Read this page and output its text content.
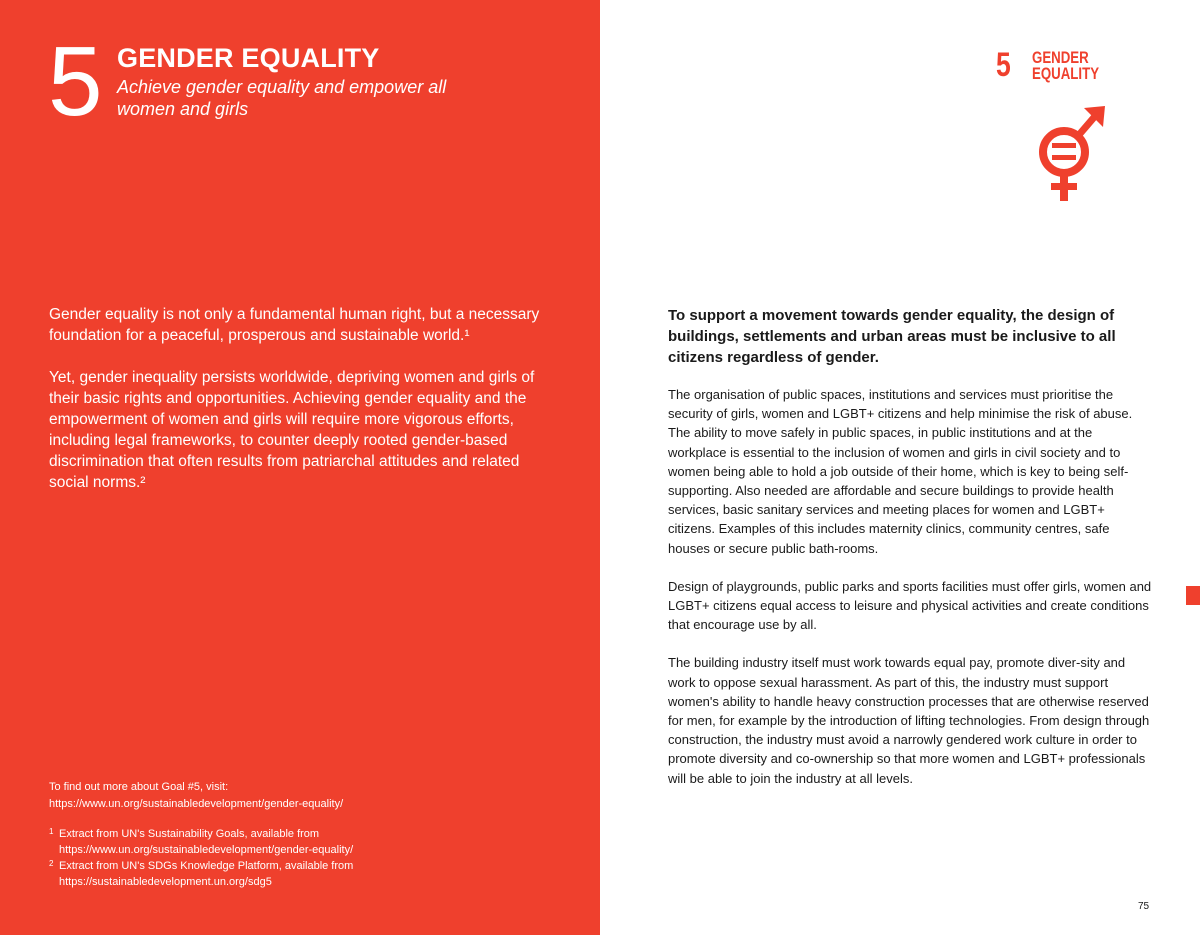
5 GENDER EQUALITY
Achieve gender equality and empower all women and girls

Gender equality is not only a fundamental human right, but a necessary foundation for a peaceful, prosperous and sustainable world.¹

Yet, gender inequality persists worldwide, depriving women and girls of their basic rights and opportunities. Achieving gender equality and the empowerment of women and girls will require more vigorous efforts, including legal frameworks, to counter deeply rooted gender-based discrimination that often results from patriarchal attitudes and related social norms.²

To find out more about Goal #5, visit:
https://www.un.org/sustainabledevelopment/gender-equality/
1 Extract from UN's Sustainability Goals, available from
https://www.un.org/sustainabledevelopment/gender-equality/
2 Extract from UN's SDGs Knowledge Platform, available from
https://sustainabledevelopment.un.org/sdg5
5 GENDER
EQUALITY
To support a movement towards gender equality, the design of buildings, settlements and urban areas must be inclusive to all citizens regardless of gender.

The organisation of public spaces, institutions and services must prioritise the security of girls, women and LGBT+ citizens and help minimise the risk of abuse. The ability to move safely in public spaces, in public institutions and at the workplace is essential to the inclusion of women and girls in civil society and to women being able to hold a job outside of their home, which is key to being self-supporting. Also needed are affordable and secure buildings to provide health services, basic sanitary services and meeting places for women and LGBT+ citizens. Examples of this includes maternity clinics, community centres, safe houses or secure public bath-rooms.

Design of playgrounds, public parks and sports facilities must offer girls, women and LGBT+ citizens equal access to leisure and physical activities and create conditions that encourage use by all.

The building industry itself must work towards equal pay, promote diver-sity and work to oppose sexual harassment. As part of this, the industry must support women's ability to handle heavy construction processes that are otherwise reserved for men, for example by the introduction of lifting technologies. From design through construction, the industry must avoid a narrowly gendered work culture in order to promote diversity and co-ownership so that more women and LGBT+ professionals will be able to join the industry at all levels.

75
